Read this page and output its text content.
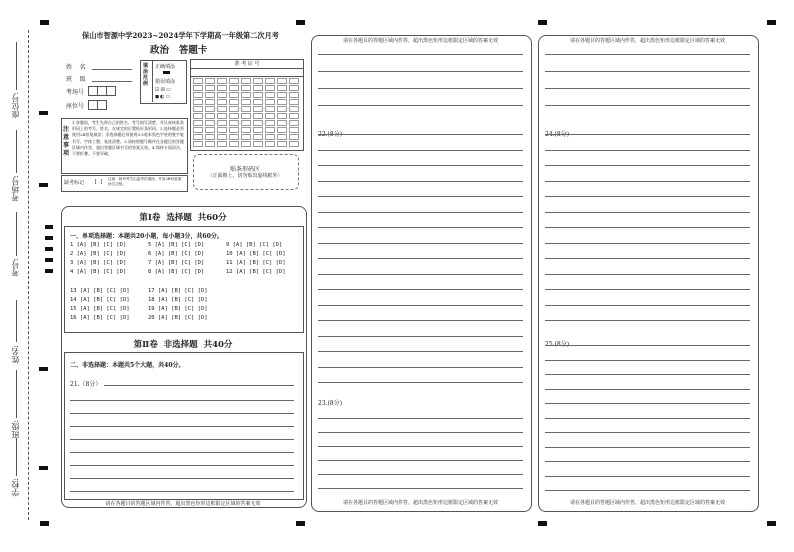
学校:
班级:
姓名:
考号:
考场号:
座位号:
保山市智源中学2023~2024学年下学期高一年级第二次月考
政治   答题卡
姓    名
班    级
考场号
座位号
填涂范例
正确填涂
错误填涂
☑☒▭
◼◐▭
准 考 证 号
注意事项
1.答题前，考生先将自己的姓名、考号填写清楚，并认真核准条形码上的考号、姓名，在规定的位置贴好条形码。2.选择题必须使用2B铅笔填涂；非选择题必须使用0.5毫米黑色字迹的签字笔书写，字体工整、笔迹清楚。3.请按照题号顺序在各题目的答题区域内作答，超出答题区域书写的答案无效。4.保持卡面清洁，不要折叠、不要弄破。
缺考标记 [ ] 注意：缺考考生由监考员填涂，并用2B铅笔填涂左边框。
贴条形码区
（正面朝上，切勿贴出虚线框外）
第Ⅰ卷  选择题  共60分
一、单项选择题：本题共20小题，每小题3分，共60分。
1 [A] [B] [C] [D]
2 [A] [B] [C] [D]
3 [A] [B] [C] [D]
4 [A] [B] [C] [D]
5 [A] [B] [C] [D]
6 [A] [B] [C] [D]
7 [A] [B] [C] [D]
8 [A] [B] [C] [D]
9 [A] [B] [C] [D]
10 [A] [B] [C] [D]
11 [A] [B] [C] [D]
12 [A] [B] [C] [D]
13 [A] [B] [C] [D]
14 [A] [B] [C] [D]
15 [A] [B] [C] [D]
16 [A] [B] [C] [D]
17 [A] [B] [C] [D]
18 [A] [B] [C] [D]
19 [A] [B] [C] [D]
20 [A] [B] [C] [D]
第Ⅱ卷  非选择题  共40分
二、非选择题：本题共5个大题，共40分。
21.（8分）
请在各题目的答题区域内作答，超出黑色矩形边框限定区域的答案无效
请在各题目的答题区域内作答，超出黑色矩形边框限定区域的答案无效
22.(8分)
23.(8分)
请在各题目的答题区域内作答，超出黑色矩形边框限定区域的答案无效
请在各题目的答题区域内作答，超出黑色矩形边框限定区域的答案无效
24.(8分)
25.(8分)
请在各题目的答题区域内作答，超出黑色矩形边框限定区域的答案无效
